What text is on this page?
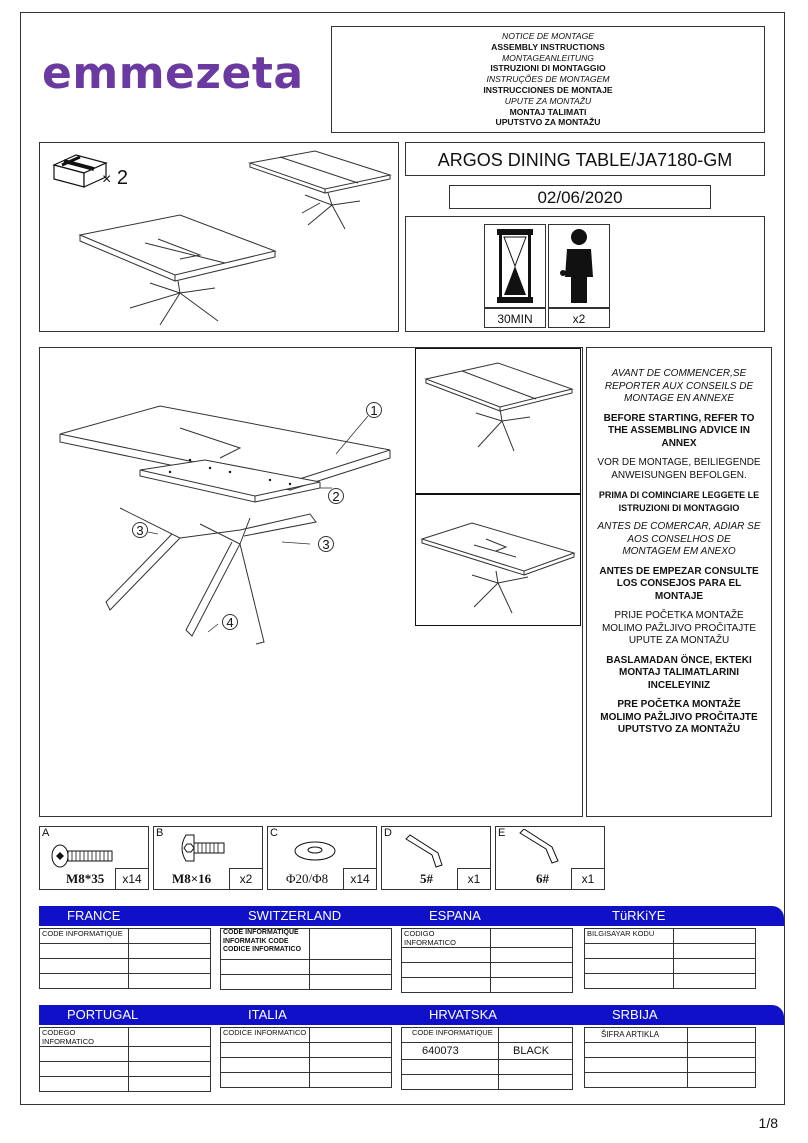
emmezeta
NOTICE DE MONTAGE
ASSEMBLY INSTRUCTIONS
MONTAGEANLEITUNG
ISTRUZIONI DI MONTAGGIO
INSTRUÇÕES DE MONTAGEM
INSTRUCCIONES DE MONTAJE
UPUTE ZA MONTAŽU
MONTAJ TALIMATI
UPUTSTVO ZA MONTAŽU
× 2
ARGOS DINING TABLE/JA7180-GM
02/06/2020
30MIN	x2
1
2
3
3
4

AVANT DE COMMENCER,SE REPORTER AUX CONSEILS DE MONTAGE EN ANNEXE

BEFORE STARTING, REFER TO THE ASSEMBLING ADVICE IN ANNEX

VOR DE MONTAGE, BEILIEGENDE ANWEISUNGEN BEFOLGEN.

PRIMA DI COMINCIARE LEGGETE LE ISTRUZIONI DI MONTAGGIO

ANTES DE COMERCAR, ADIAR SE AOS CONSELHOS DE MONTAGEM EM ANEXO

ANTES DE EMPEZAR CONSULTE LOS CONSEJOS PARA EL MONTAJE

PRIJE POČETKA MONTAŽE MOLIMO PAŽLJIVO PROČITAJTE UPUTE ZA MONTAŽU

BASLAMADAN ÖNCE, EKTEKI MONTAJ TALIMATLARINI INCELEYINIZ

PRE POČETKA MONTAŽE MOLIMO PAŽLJIVO PROČITAJTE UPUTSTVO ZA MONTAŽU

A
M8*35	x14
B
M8×16	x2
C
Φ20/Φ8	x14
D
5#	x1
E
6#	x1
FRANCE
CODE INFORMATIQUE	

SWITZERLAND
CODE INFORMATIQUE
INFORMATIK CODE
CODICE INFORMATICO	

ESPANA
CODIGO INFORMATICO	

TüRKiYE
BILGISAYAR KODU	

PORTUGAL
CODEGO INFORMATICO	

ITALIA
CODICE INFORMATICO	

HRVATSKA
CODE INFORMATIQUE	
640073	BLACK

SRBIJA
ŠIFRA ARTIKLA	

1/8
